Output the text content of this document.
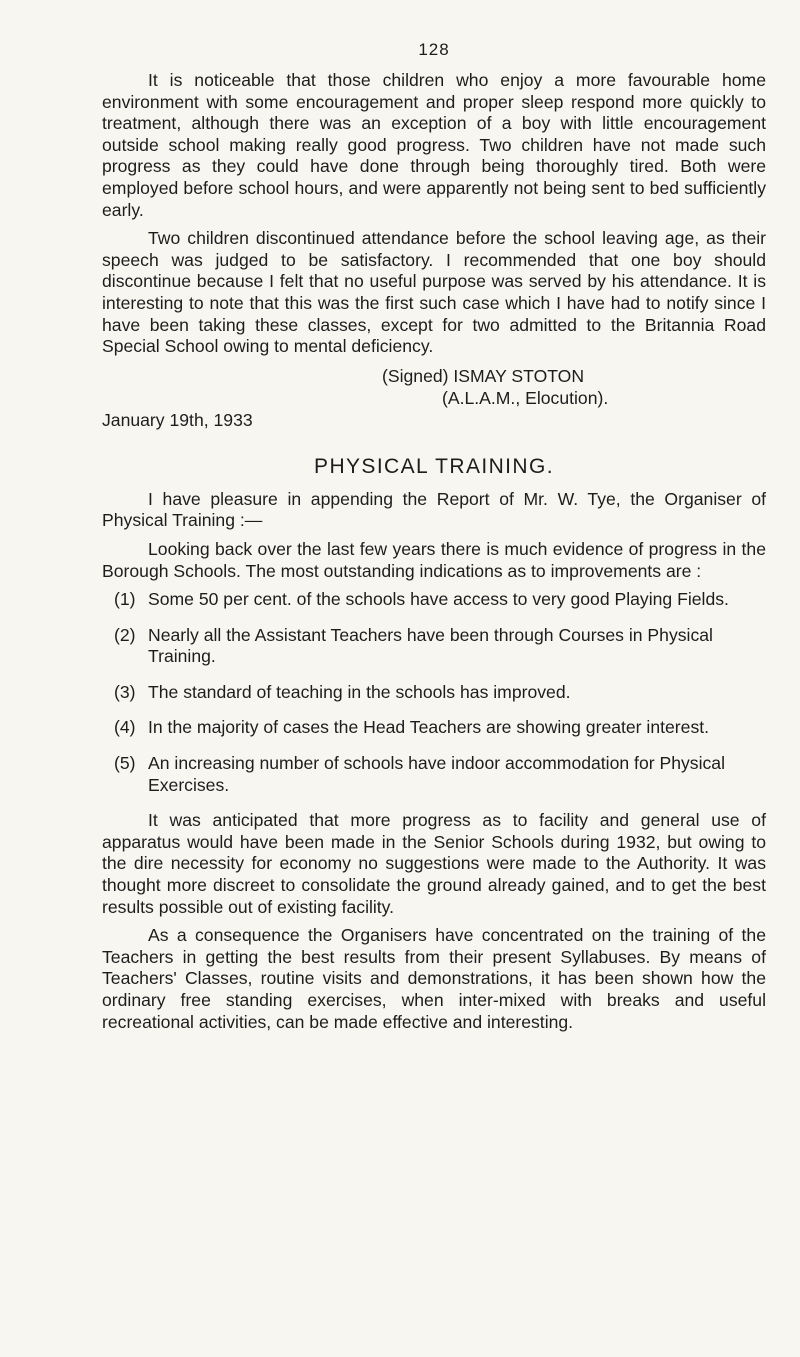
128

It is noticeable that those children who enjoy a more favourable home environment with some encouragement and proper sleep respond more quickly to treatment, although there was an exception of a boy with little encouragement outside school making really good progress. Two children have not made such progress as they could have done through being thoroughly tired. Both were employed before school hours, and were apparently not being sent to bed sufficiently early.

Two children discontinued attendance before the school leaving age, as their speech was judged to be satisfactory. I recommended that one boy should discontinue because I felt that no useful purpose was served by his attendance. It is interesting to note that this was the first such case which I have had to notify since I have been taking these classes, except for two admitted to the Britannia Road Special School owing to mental deficiency.

(Signed) ISMAY STOTON
(A.L.A.M., Elocution).
January 19th, 1933
PHYSICAL TRAINING.

I have pleasure in appending the Report of Mr. W. Tye, the Organiser of Physical Training :—

Looking back over the last few years there is much evidence of progress in the Borough Schools. The most outstanding indications as to improvements are :

(1) Some 50 per cent. of the schools have access to very good Playing Fields.
(2) Nearly all the Assistant Teachers have been through Courses in Physical Training.
(3) The standard of teaching in the schools has improved.
(4) In the majority of cases the Head Teachers are showing greater interest.
(5) An increasing number of schools have indoor accommodation for Physical Exercises.

It was anticipated that more progress as to facility and general use of apparatus would have been made in the Senior Schools during 1932, but owing to the dire necessity for economy no suggestions were made to the Authority. It was thought more discreet to consolidate the ground already gained, and to get the best results possible out of existing facility.

As a consequence the Organisers have concentrated on the training of the Teachers in getting the best results from their present Syllabuses. By means of Teachers' Classes, routine visits and demonstrations, it has been shown how the ordinary free standing exercises, when inter-mixed with breaks and useful recreational activities, can be made effective and interesting.
